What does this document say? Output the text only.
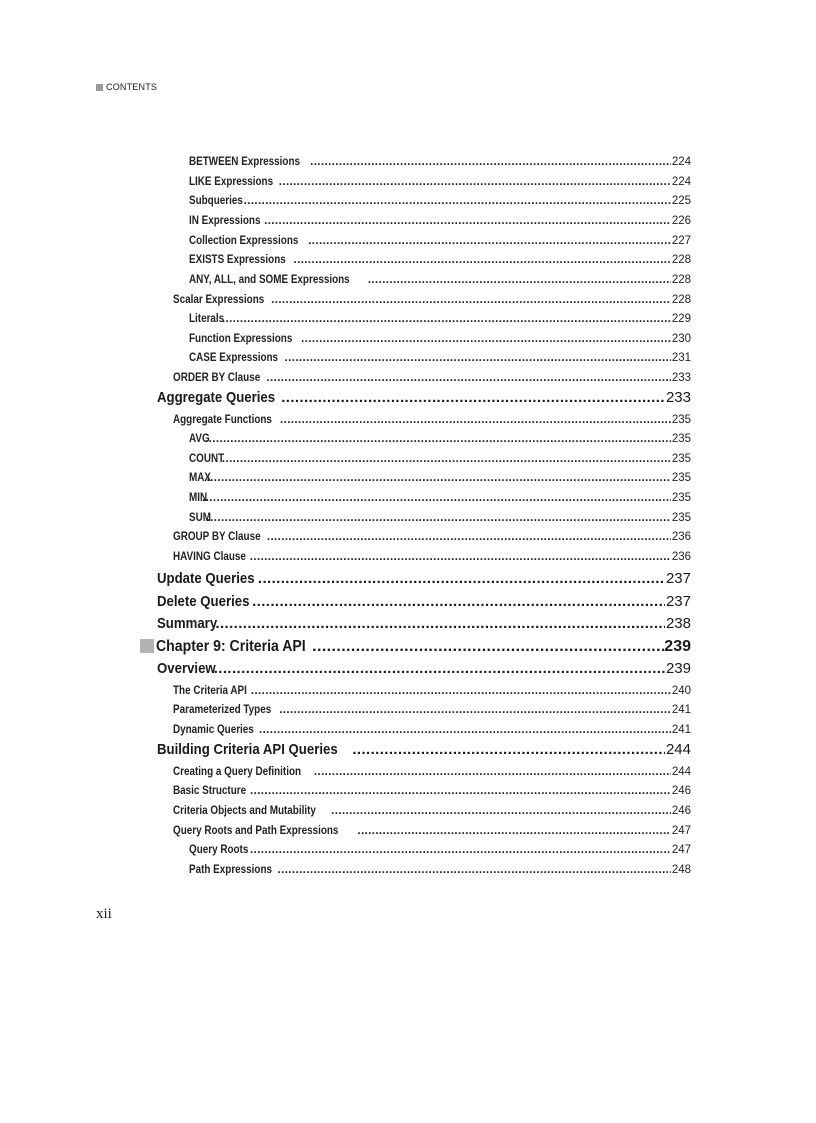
CONTENTS
BETWEEN Expressions .....	224
LIKE Expressions .....	224
Subqueries .....	225
IN Expressions .....	226
Collection Expressions .....	227
EXISTS Expressions .....	228
ANY, ALL, and SOME Expressions .....	228
Scalar Expressions .....	228
Literals .....	229
Function Expressions .....	230
CASE Expressions .....	231
ORDER BY Clause .....	233
Aggregate Queries .....	233
Aggregate Functions .....	235
AVG .....	235
COUNT .....	235
MAX .....	235
MIN .....	235
SUM .....	235
GROUP BY Clause .....	236
HAVING Clause .....	236
Update Queries .....	237
Delete Queries .....	237
Summary .....	238
Chapter 9: Criteria API .....	239
Overview .....	239
The Criteria API .....	240
Parameterized Types .....	241
Dynamic Queries .....	241
Building Criteria API Queries .....	244
Creating a Query Definition .....	244
Basic Structure .....	246
Criteria Objects and Mutability .....	246
Query Roots and Path Expressions .....	247
Query Roots .....	247
Path Expressions .....	248
xii
